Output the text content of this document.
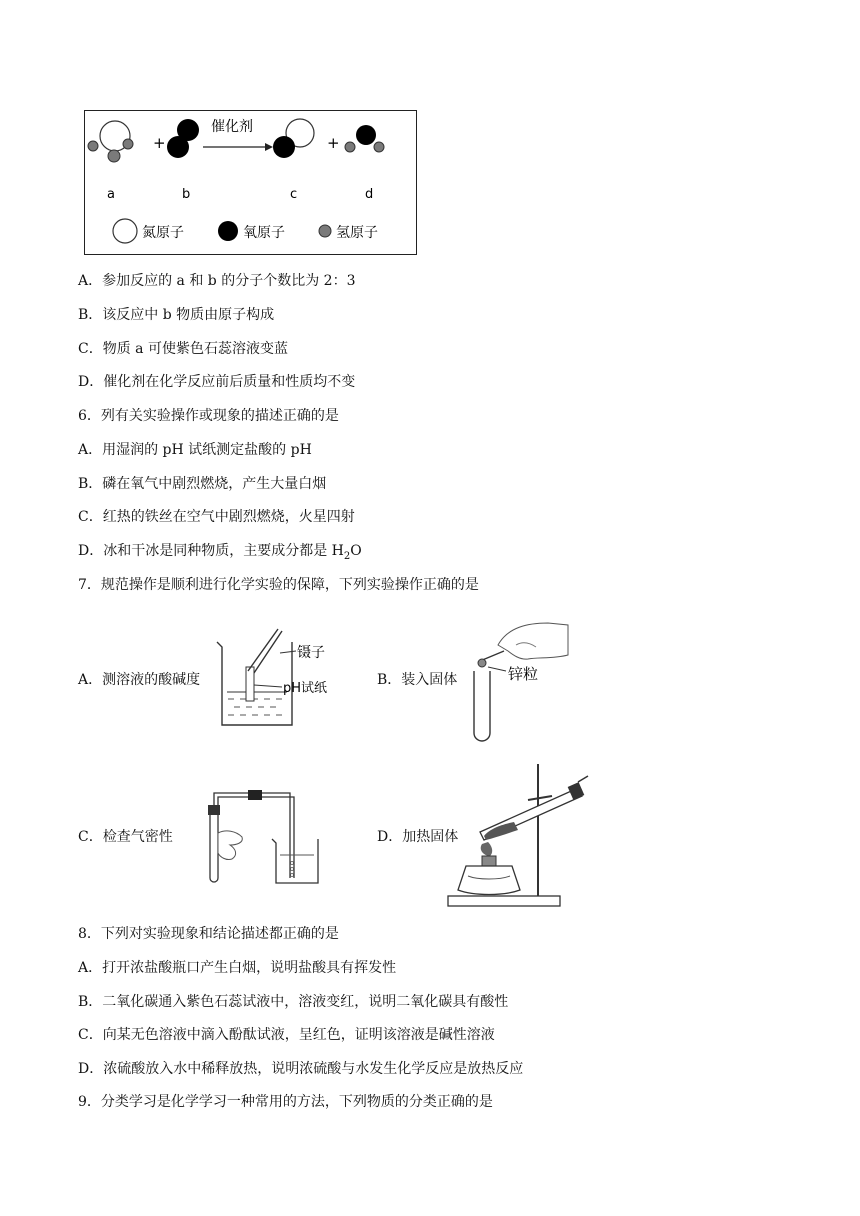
+
催化剂
+
a	b	c	d
氮原子	氧原子	氢原子
A．参加反应的 a 和 b 的分子个数比为 2：3
B．该反应中 b 物质由原子构成
C．物质 a 可使紫色石蕊溶液变蓝
D．催化剂在化学反应前后质量和性质均不变
6．列有关实验操作或现象的描述正确的是
A．用湿润的 pH 试纸测定盐酸的 pH
B．磷在氧气中剧烈燃烧，产生大量白烟
C．红热的铁丝在空气中剧烈燃烧，火星四射
D．冰和干冰是同种物质，主要成分都是 $H_2O$
7．规范操作是顺利进行化学实验的保障，下列实验操作正确的是
A．测溶液的酸碱度
镊子
pH试纸
B．装入固体	锌粒
C．检查气密性	D．加热固体
8．下列对实验现象和结论描述都正确的是
A．打开浓盐酸瓶口产生白烟，说明盐酸具有挥发性
B．二氧化碳通入紫色石蕊试液中，溶液变红，说明二氧化碳具有酸性
C．向某无色溶液中滴入酚酞试液，呈红色，证明该溶液是碱性溶液
D．浓硫酸放入水中稀释放热，说明浓硫酸与水发生化学反应是放热反应
9．分类学习是化学学习一种常用的方法，下列物质的分类正确的是
